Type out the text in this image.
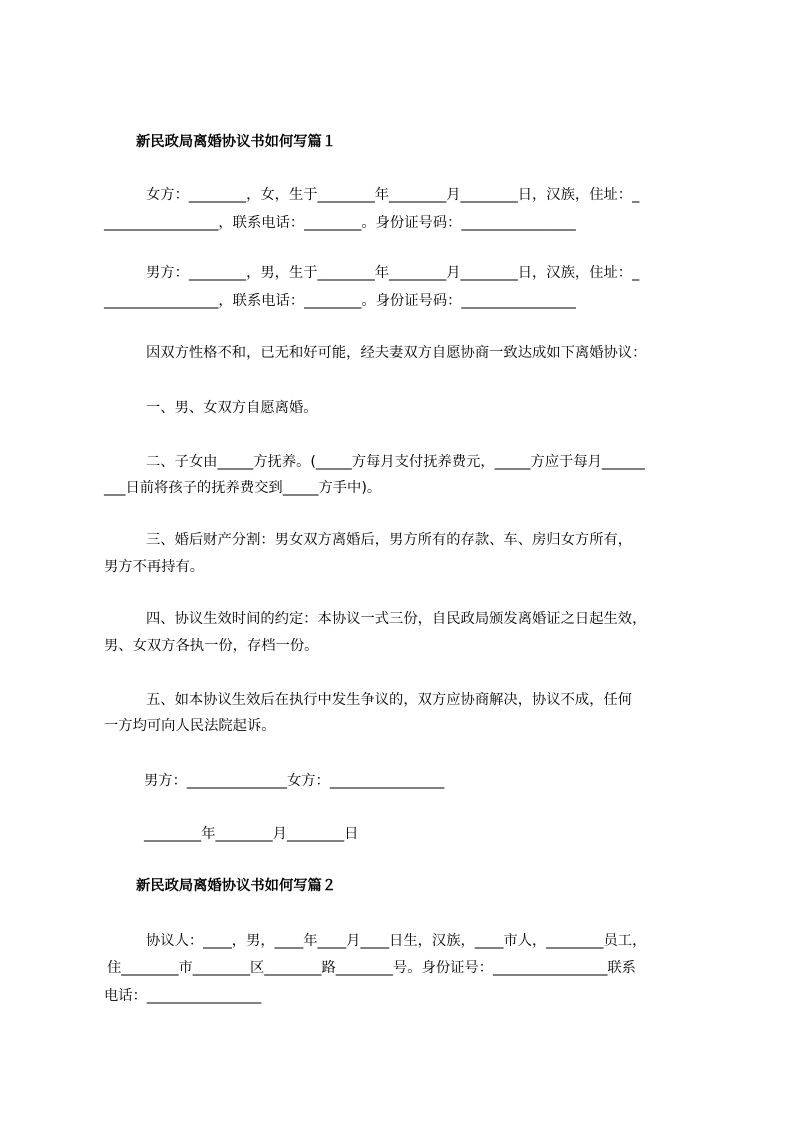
新民政局离婚协议书如何写篇１
女方：________，女，生于________年________月________日，汉族，住址：_
________________，联系电话：________。身份证号码：________________
男方：________，男，生于________年________月________日，汉族，住址：_
________________，联系电话：________。身份证号码：________________
因双方性格不和，已无和好可能，经夫妻双方自愿协商一致达成如下离婚协议：
一、男、女双方自愿离婚。
二、子女由_____方抚养。(_____方每月支付抚养费元，_____方应于每月______
___日前将孩子的抚养费交到_____方手中)。
三、婚后财产分割：男女双方离婚后，男方所有的存款、车、房归女方所有，
男方不再持有。
四、协议生效时间的约定：本协议一式三份，自民政局颁发离婚证之日起生效，
男、女双方各执一份，存档一份。
五、如本协议生效后在执行中发生争议的，双方应协商解决，协议不成，任何
一方均可向人民法院起诉。
男方：______________女方：________________
________年________月________日
新民政局离婚协议书如何写篇２
协议人：____，男，____年____月____日生，汉族，____市人，________员工，
住________市________区________路________号。身份证号：________________联系
电话：________________
